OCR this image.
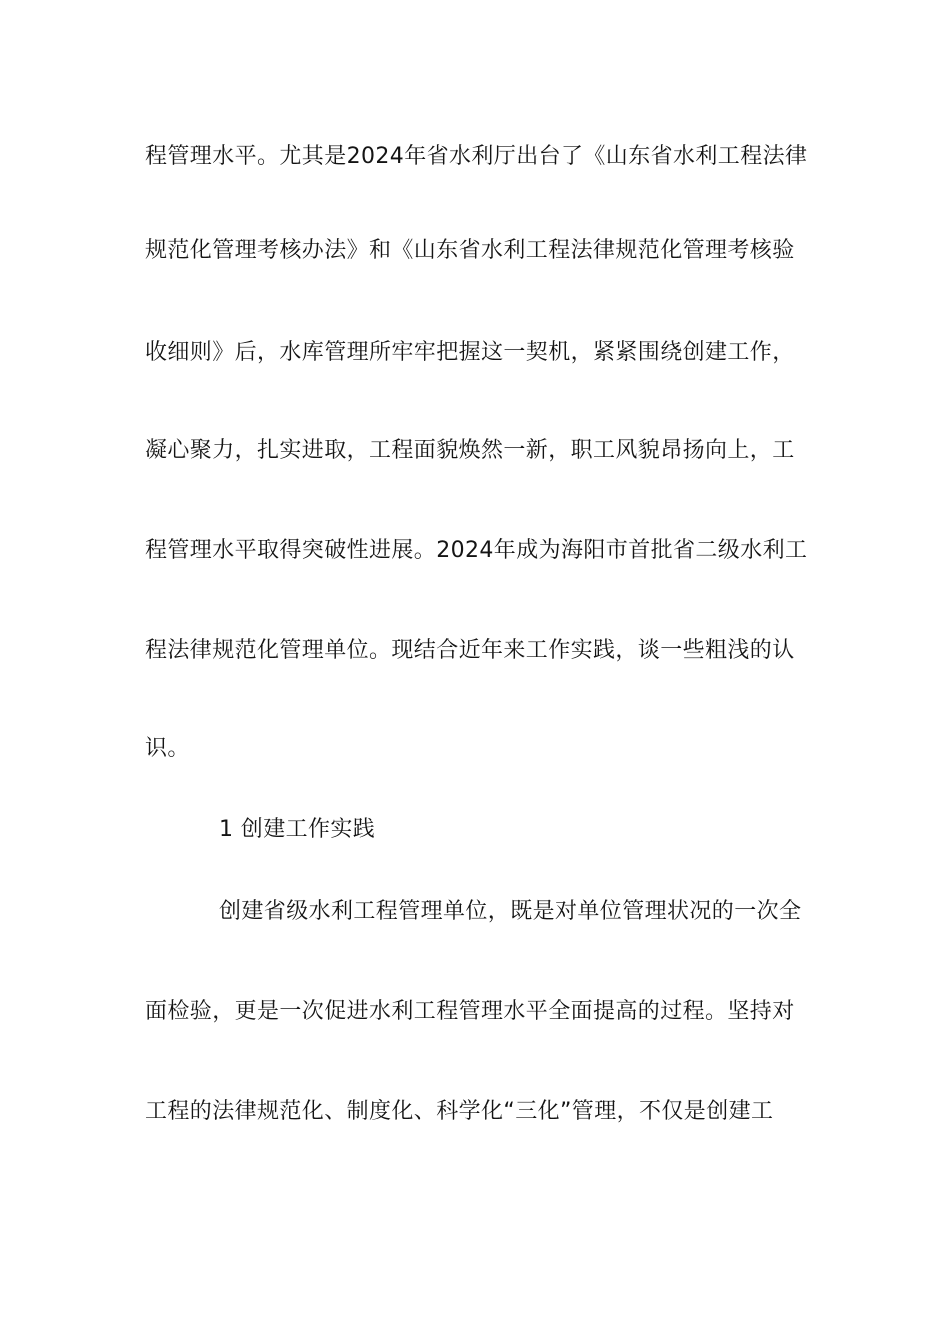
程管理水平。尤其是2024年省水利厅出台了《山东省水利工程法律
规范化管理考核办法》和《山东省水利工程法律规范化管理考核验
收细则》后，水库管理所牢牢把握这一契机，紧紧围绕创建工作，
凝心聚力，扎实进取，工程面貌焕然一新，职工风貌昂扬向上，工
程管理水平取得突破性进展。2024年成为海阳市首批省二级水利工
程法律规范化管理单位。现结合近年来工作实践，谈一些粗浅的认
识。
1 创建工作实践
创建省级水利工程管理单位，既是对单位管理状况的一次全
面检验，更是一次促进水利工程管理水平全面提高的过程。坚持对
工程的法律规范化、制度化、科学化“三化”管理，不仅是创建工
